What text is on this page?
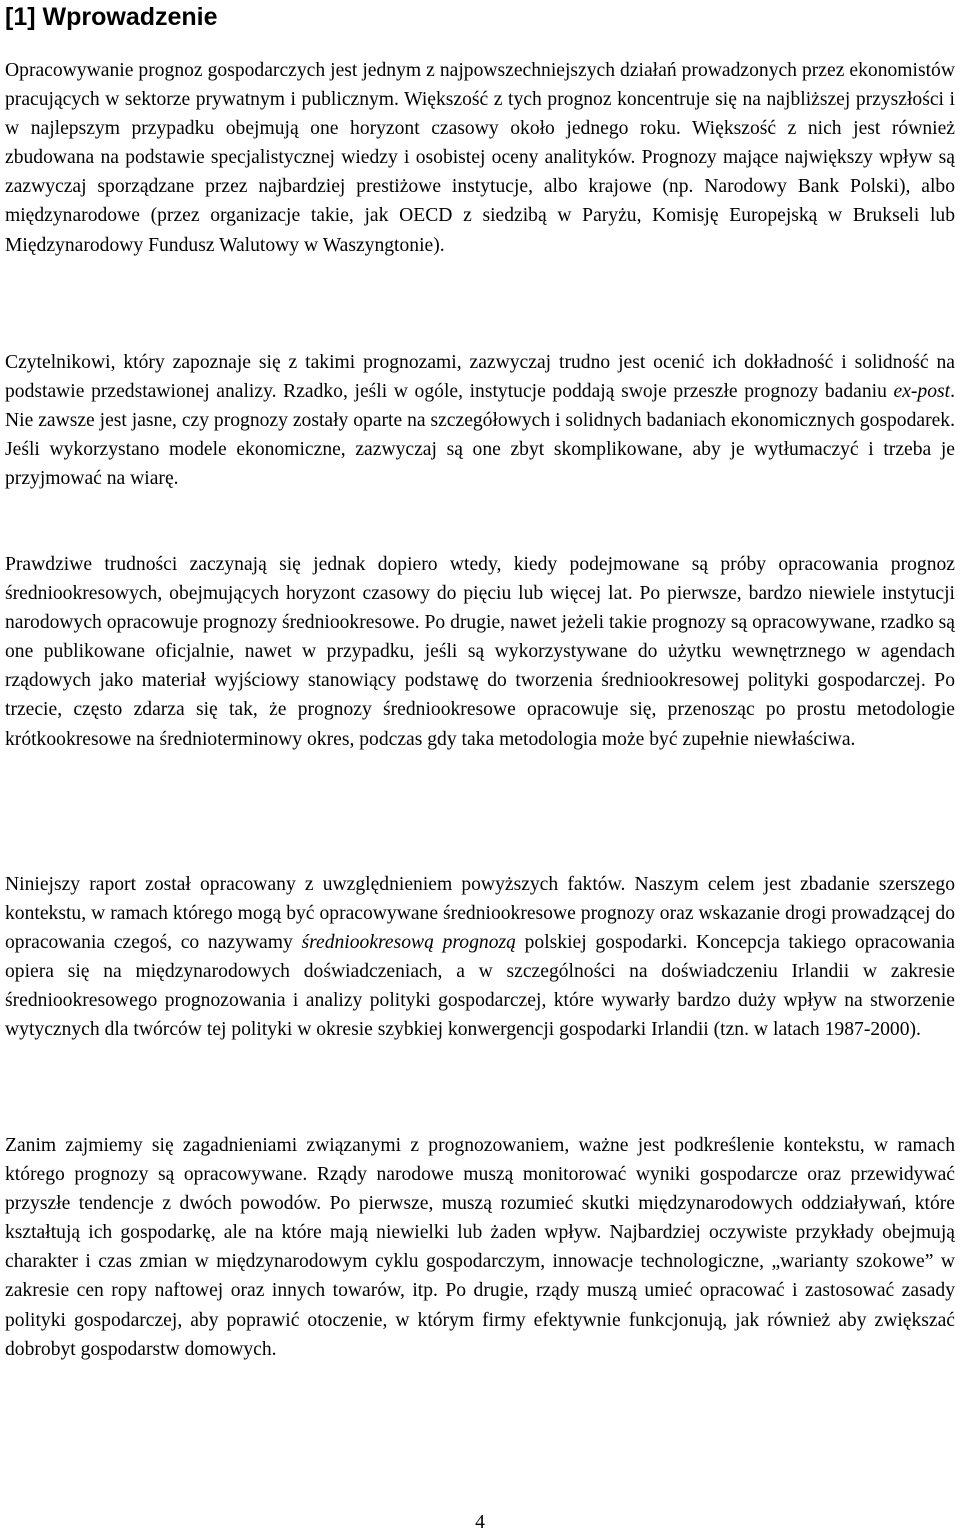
[1] Wprowadzenie

Opracowywanie prognoz gospodarczych jest jednym z najpowszechniejszych działań prowadzonych przez ekonomistów pracujących w sektorze prywatnym i publicznym. Większość z tych prognoz koncentruje się na najbliższej przyszłości i w najlepszym przypadku obejmują one horyzont czasowy około jednego roku. Większość z nich jest również zbudowana na podstawie specjalistycznej wiedzy i osobistej oceny analityków. Prognozy mające największy wpływ są zazwyczaj sporządzane przez najbardziej prestiżowe instytucje, albo krajowe (np. Narodowy Bank Polski), albo międzynarodowe (przez organizacje takie, jak OECD z siedzibą w Paryżu, Komisję Europejską w Brukseli lub Międzynarodowy Fundusz Walutowy w Waszyngtonie).

Czytelnikowi, który zapoznaje się z takimi prognozami, zazwyczaj trudno jest ocenić ich dokładność i solidność na podstawie przedstawionej analizy. Rzadko, jeśli w ogóle, instytucje poddają swoje przeszłe prognozy badaniu ex-post. Nie zawsze jest jasne, czy prognozy zostały oparte na szczegółowych i solidnych badaniach ekonomicznych gospodarek. Jeśli wykorzystano modele ekonomiczne, zazwyczaj są one zbyt skomplikowane, aby je wytłumaczyć i trzeba je przyjmować na wiarę.

Prawdziwe trudności zaczynają się jednak dopiero wtedy, kiedy podejmowane są próby opracowania prognoz średniookresowych, obejmujących horyzont czasowy do pięciu lub więcej lat. Po pierwsze, bardzo niewiele instytucji narodowych opracowuje prognozy średniookresowe. Po drugie, nawet jeżeli takie prognozy są opracowywane, rzadko są one publikowane oficjalnie, nawet w przypadku, jeśli są wykorzystywane do użytku wewnętrznego w agendach rządowych jako materiał wyjściowy stanowiący podstawę do tworzenia średniookresowej polityki gospodarczej. Po trzecie, często zdarza się tak, że prognozy średniookresowe opracowuje się, przenosząc po prostu metodologie krótkookresowe na średnioterminowy okres, podczas gdy taka metodologia może być zupełnie niewłaściwa.

Niniejszy raport został opracowany z uwzględnieniem powyższych faktów. Naszym celem jest zbadanie szerszego kontekstu, w ramach którego mogą być opracowywane średniookresowe prognozy oraz wskazanie drogi prowadzącej do opracowania czegoś, co nazywamy średniookresową prognozą polskiej gospodarki. Koncepcja takiego opracowania opiera się na międzynarodowych doświadczeniach, a w szczególności na doświadczeniu Irlandii w zakresie średniookresowego prognozowania i analizy polityki gospodarczej, które wywarły bardzo duży wpływ na stworzenie wytycznych dla twórców tej polityki w okresie szybkiej konwergencji gospodarki Irlandii (tzn. w latach 1987-2000).

Zanim zajmiemy się zagadnieniami związanymi z prognozowaniem, ważne jest podkreślenie kontekstu, w ramach którego prognozy są opracowywane. Rządy narodowe muszą monitorować wyniki gospodarcze oraz przewidywać przyszłe tendencje z dwóch powodów. Po pierwsze, muszą rozumieć skutki międzynarodowych oddziaływań, które kształtują ich gospodarkę, ale na które mają niewielki lub żaden wpływ. Najbardziej oczywiste przykłady obejmują charakter i czas zmian w międzynarodowym cyklu gospodarczym, innowacje technologiczne, „warianty szokowe” w zakresie cen ropy naftowej oraz innych towarów, itp. Po drugie, rządy muszą umieć opracować i zastosować zasady polityki gospodarczej, aby poprawić otoczenie, w którym firmy efektywnie funkcjonują, jak również aby zwiększać dobrobyt gospodarstw domowych.

4
